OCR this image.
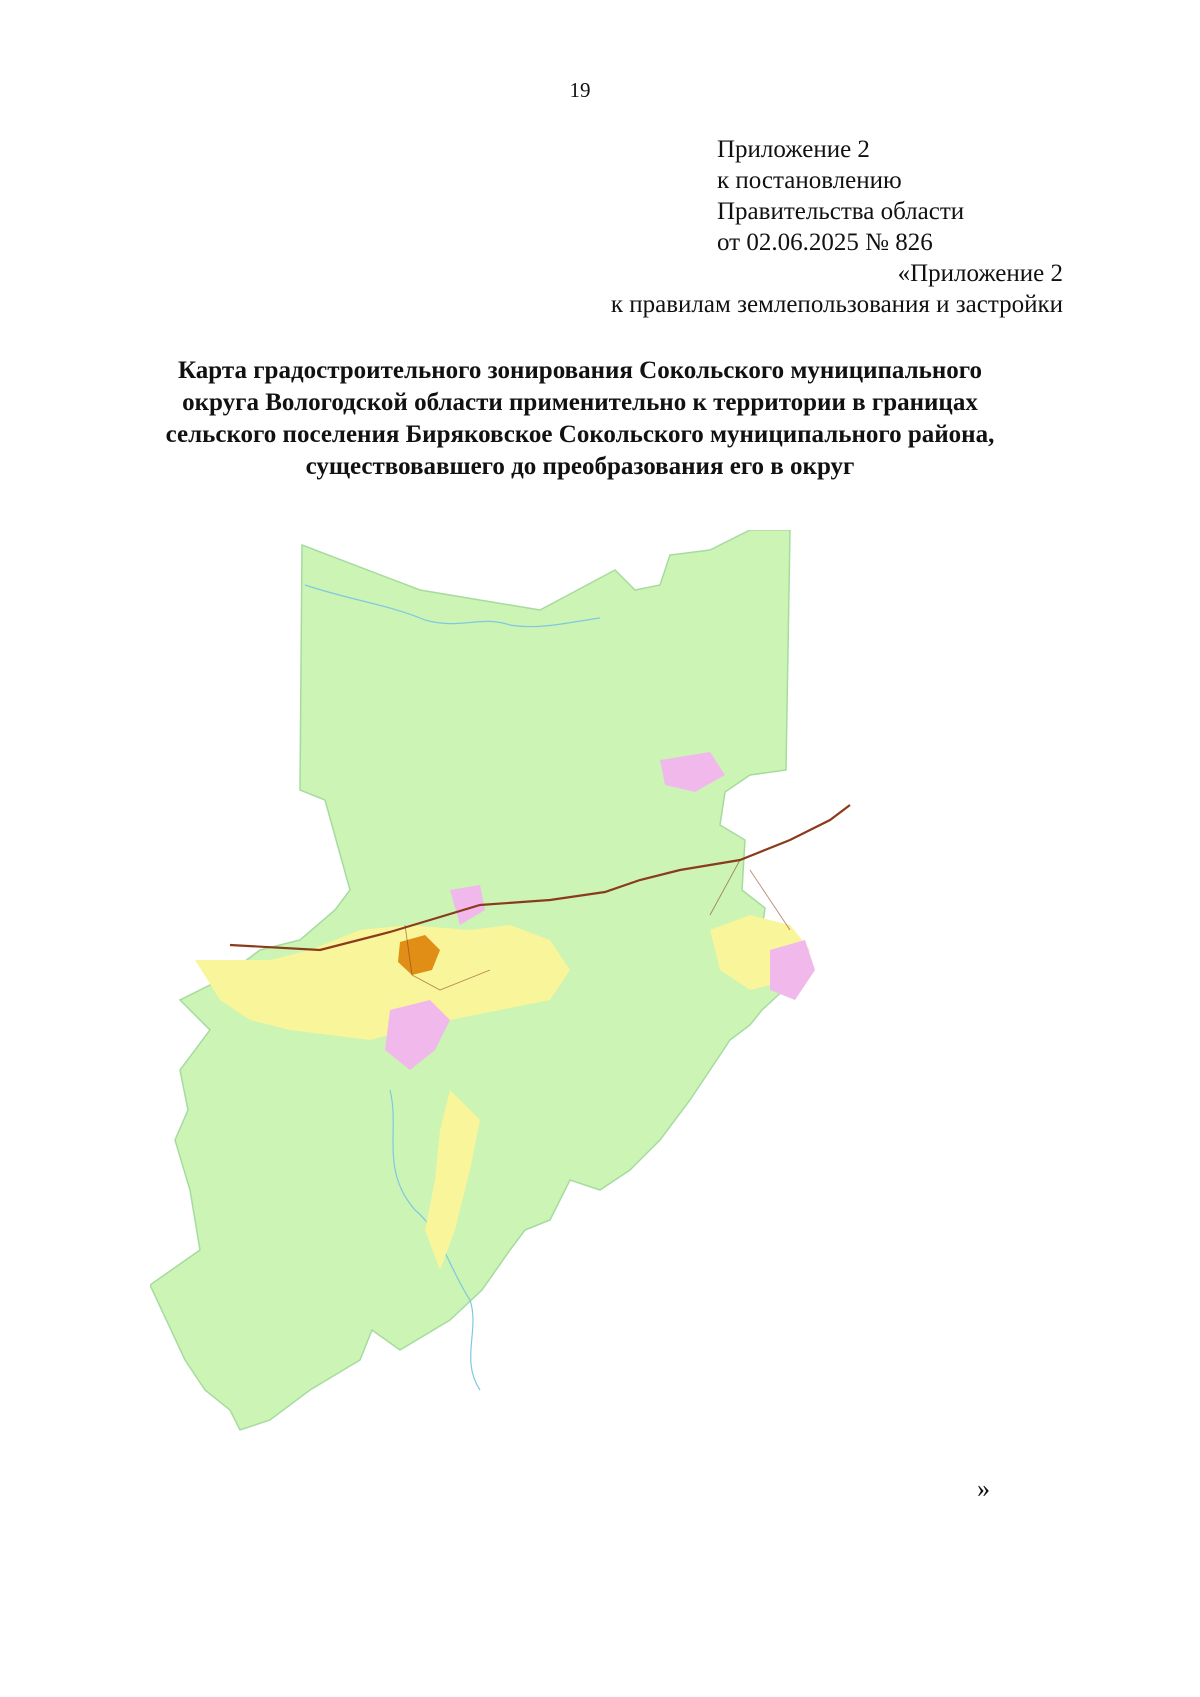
19
Приложение 2
к постановлению
Правительства области
от 02.06.2025 № 826
«Приложение 2
к правилам землепользования и застройки
Карта градостроительного зонирования Сокольского муниципального
округа Вологодской области применительно к территории в границах
сельского поселения Биряковское Сокольского муниципального района,
существовавшего до преобразования его в округ
»
